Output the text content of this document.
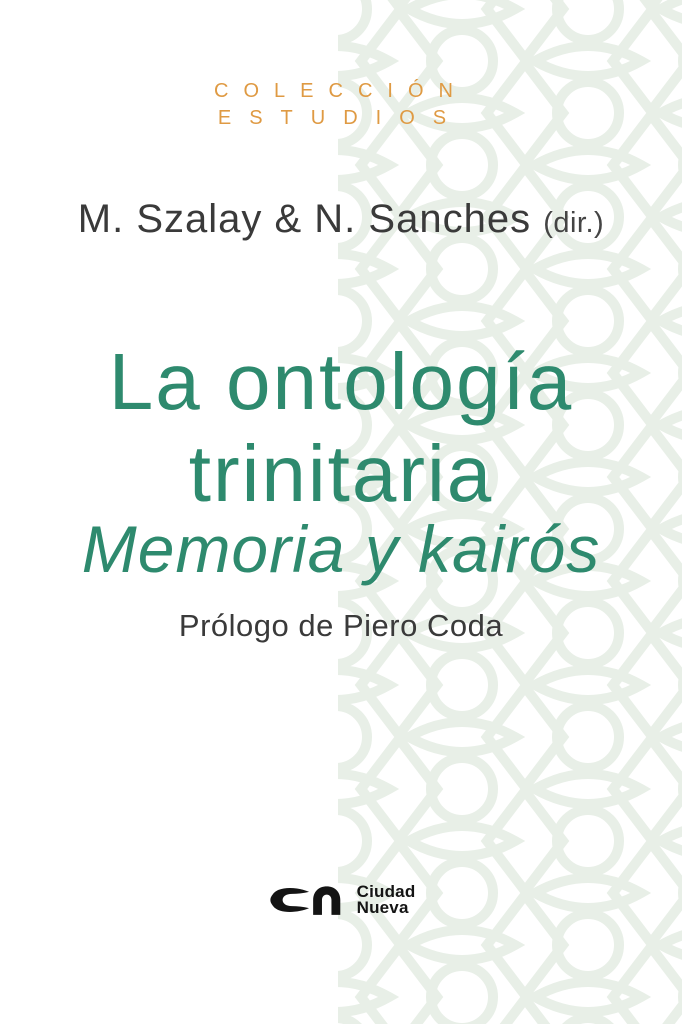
COLECCIÓN
ESTUDIOS
M. Szalay & N. Sanches (dir.)
La ontología
trinitaria
Memoria y kairós
Prólogo de Piero Coda
Ciudad
Nueva
